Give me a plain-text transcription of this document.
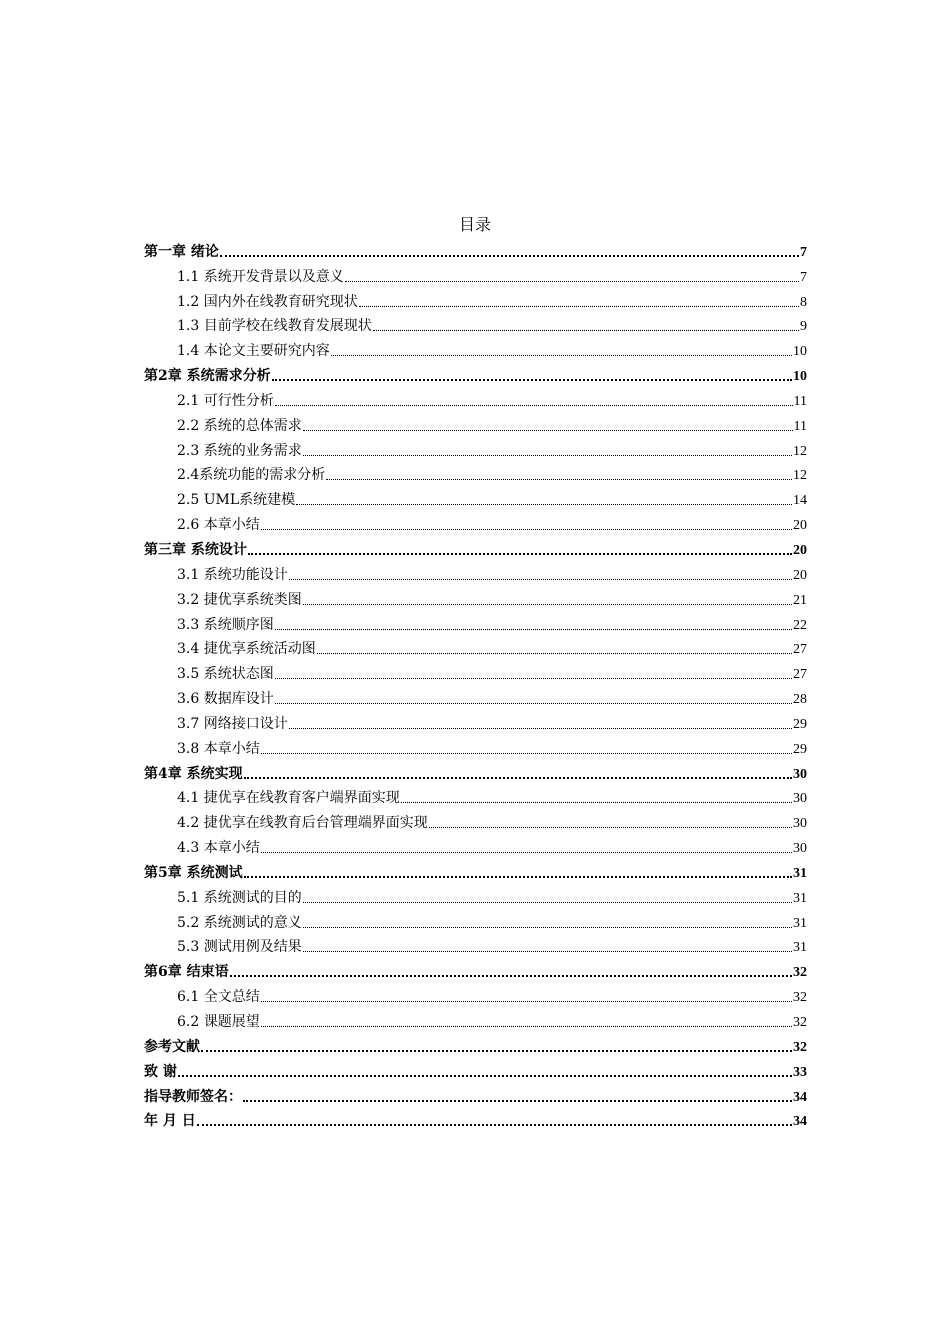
目录
第一章 绪论	7
1.1 系统开发背景以及意义	7
1.2 国内外在线教育研究现状	8
1.3 目前学校在线教育发展现状	9
1.4 本论文主要研究内容	10
第2章 系统需求分析	10
2.1 可行性分析	11
2.2 系统的总体需求	11
2.3 系统的业务需求	12
2.4系统功能的需求分析	12
2.5 UML系统建模	14
2.6 本章小结	20
第三章 系统设计	20
3.1 系统功能设计	20
3.2 捷优享系统类图	21
3.3 系统顺序图	22
3.4 捷优享系统活动图	27
3.5 系统状态图	27
3.6 数据库设计	28
3.7 网络接口设计	29
3.8 本章小结	29
第4章 系统实现	30
4.1 捷优享在线教育客户端界面实现	30
4.2 捷优享在线教育后台管理端界面实现	30
4.3 本章小结	30
第5章 系统测试	31
5.1 系统测试的目的	31
5.2 系统测试的意义	31
5.3 测试用例及结果	31
第6章 结束语	32
6.1 全文总结	32
6.2 课题展望	32
参考文献	32
致 谢	33
指导教师签名：	34
年 月 日	34
